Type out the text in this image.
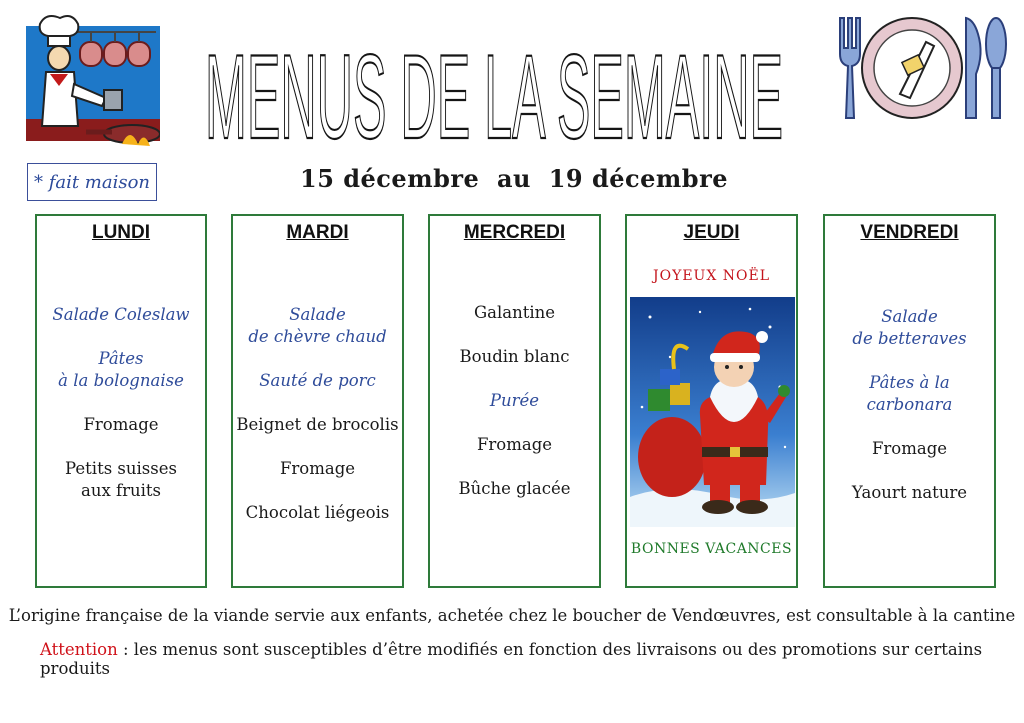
MENUS DE LA SEMAINE
* fait maison	15 décembre  au  19 décembre
LUNDI
Salade Coleslaw
Pâtes
à la bolognaise
Fromage
Petits suisses
aux fruits
MARDI
Salade
de chèvre chaud
Sauté de porc
Beignet de brocolis
Fromage
Chocolat liégeois
MERCREDI
Galantine
Boudin blanc
Purée
Fromage
Bûche glacée
JEUDI
JOYEUX NOËL
BONNES VACANCES
VENDREDI
Salade
de betteraves
Pâtes à la
carbonara
Fromage
Yaourt nature
L’origine française de la viande servie aux enfants, achetée chez le boucher de Vendœuvres, est consultable à la cantine
Attention : les menus sont susceptibles d’être modifiés en fonction des livraisons ou des promotions sur certains produits
